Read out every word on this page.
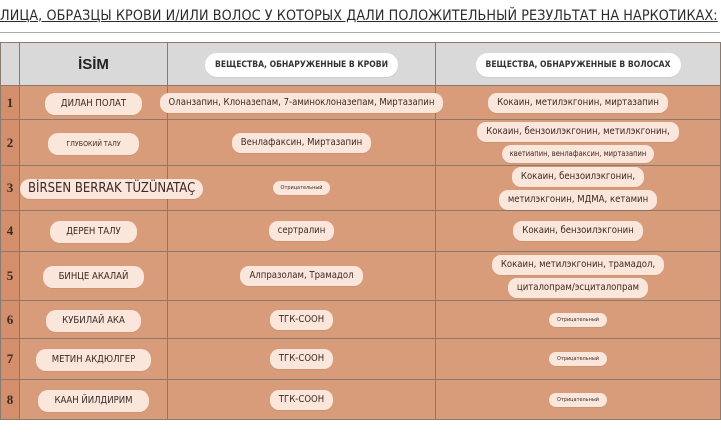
ЛИЦА, ОБРАЗЦЫ КРОВИ И/ИЛИ ВОЛОС У КОТОРЫХ ДАЛИ ПОЛОЖИТЕЛЬНЫЙ РЕЗУЛЬТАТ НА НАРКОТИКАХ:
	İSİM	ВЕЩЕСТВА, ОБНАРУЖЕННЫЕ В КРОВИ	ВЕЩЕСТВА, ОБНАРУЖЕННЫЕ В ВОЛОСАХ
1	ДИЛАН ПОЛАТ	Оланзапин, Клоназепам, 7-аминоклоназепам, Миртазапин	Кокаин, метилэкгонин, миртазапин

2	ГЛУБОКИЙ ТАЛУ	Венлафаксин, Миртазапин	Кокаин, бензоилэкгонин, метилэкгонин,
кветиапин, венлафаксин, миртазапин

3	BİRSEN BERRAK TÜZÜNATAÇ	Отрицательный	Кокаин, бензоилэкгонин,
метилэкгонин, МДМА, кетамин

4	ДЕРЕН ТАЛУ	сертралин	Кокаин, бензоилэкгонин

5	БИНЦЕ АКАЛАЙ	Алпразолам, Трамадол	Кокаин, метилэкгонин, трамадол,
циталопрам/эсциталопрам

6	КУБИЛАЙ АКА	ТГК-СООН	Отрицательный

7	МЕТИН АКДЮЛГЕР	ТГК-СООН	Отрицательный

8	КААН ЙИЛДИРИМ	ТГК-СООН	Отрицательный
